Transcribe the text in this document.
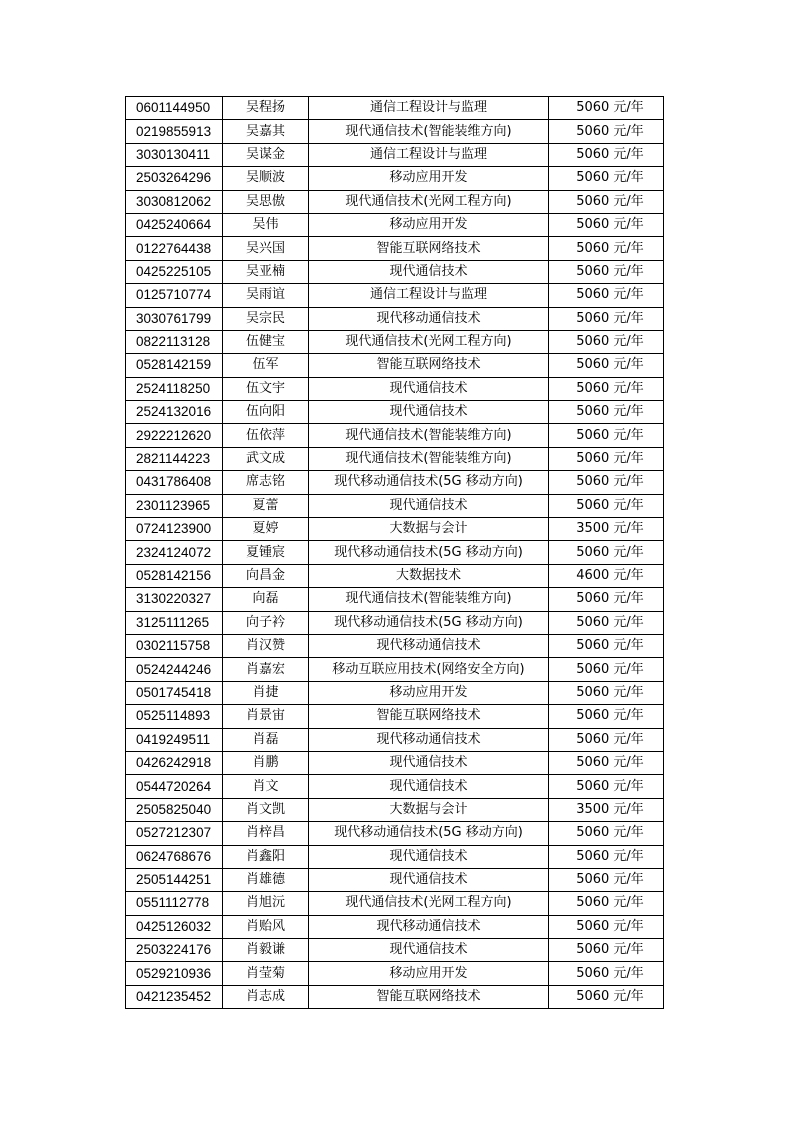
0601144950	吴程扬	通信工程设计与监理	5060 元/年
0219855913	吴嘉其	现代通信技术(智能装维方向)	5060 元/年
3030130411	吴谋金	通信工程设计与监理	5060 元/年
2503264296	吴顺波	移动应用开发	5060 元/年
3030812062	吴思傲	现代通信技术(光网工程方向)	5060 元/年
0425240664	吴伟	移动应用开发	5060 元/年
0122764438	吴兴国	智能互联网络技术	5060 元/年
0425225105	吴亚楠	现代通信技术	5060 元/年
0125710774	吴雨谊	通信工程设计与监理	5060 元/年
3030761799	吴宗民	现代移动通信技术	5060 元/年
0822113128	伍健宝	现代通信技术(光网工程方向)	5060 元/年
0528142159	伍军	智能互联网络技术	5060 元/年
2524118250	伍文宇	现代通信技术	5060 元/年
2524132016	伍向阳	现代通信技术	5060 元/年
2922212620	伍依萍	现代通信技术(智能装维方向)	5060 元/年
2821144223	武文成	现代通信技术(智能装维方向)	5060 元/年
0431786408	席志铭	现代移动通信技术(5G 移动方向)	5060 元/年
2301123965	夏蕾	现代通信技术	5060 元/年
0724123900	夏婷	大数据与会计	3500 元/年
2324124072	夏锺宸	现代移动通信技术(5G 移动方向)	5060 元/年
0528142156	向昌金	大数据技术	4600 元/年
3130220327	向磊	现代通信技术(智能装维方向)	5060 元/年
3125111265	向子衿	现代移动通信技术(5G 移动方向)	5060 元/年
0302115758	肖汉赞	现代移动通信技术	5060 元/年
0524244246	肖嘉宏	移动互联应用技术(网络安全方向)	5060 元/年
0501745418	肖捷	移动应用开发	5060 元/年
0525114893	肖景宙	智能互联网络技术	5060 元/年
0419249511	肖磊	现代移动通信技术	5060 元/年
0426242918	肖鹏	现代通信技术	5060 元/年
0544720264	肖文	现代通信技术	5060 元/年
2505825040	肖文凯	大数据与会计	3500 元/年
0527212307	肖梓昌	现代移动通信技术(5G 移动方向)	5060 元/年
0624768676	肖鑫阳	现代通信技术	5060 元/年
2505144251	肖雄德	现代通信技术	5060 元/年
0551112778	肖旭沅	现代通信技术(光网工程方向)	5060 元/年
0425126032	肖贻风	现代移动通信技术	5060 元/年
2503224176	肖毅谦	现代通信技术	5060 元/年
0529210936	肖莹菊	移动应用开发	5060 元/年
0421235452	肖志成	智能互联网络技术	5060 元/年
